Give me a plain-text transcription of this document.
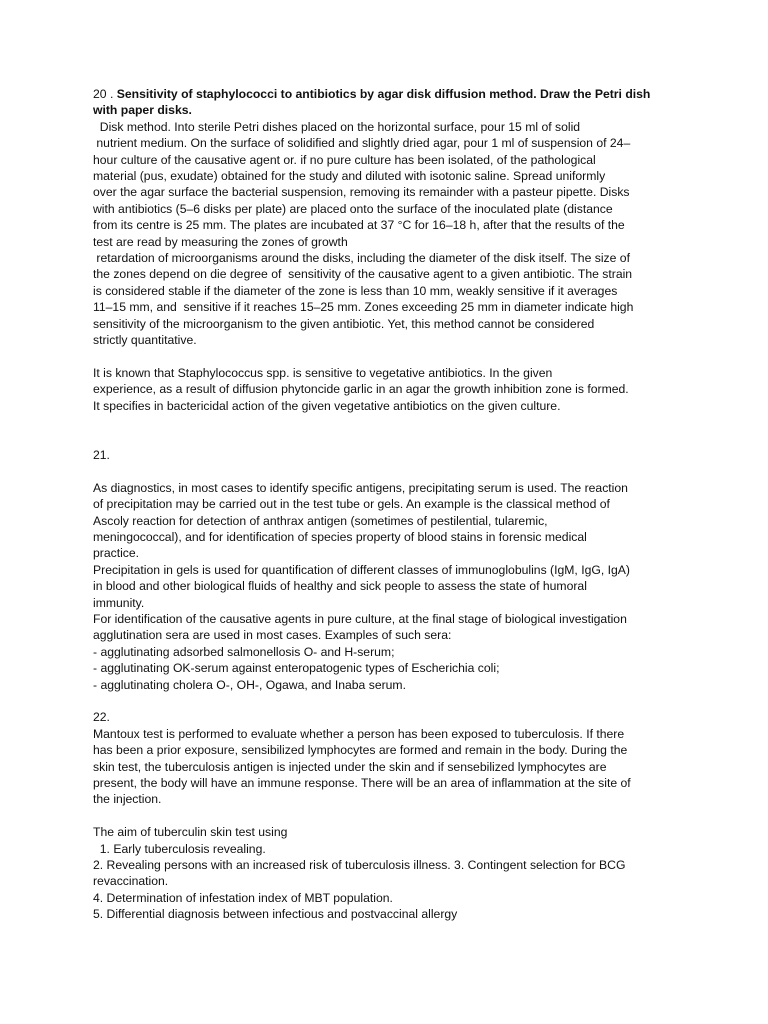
20 . Sensitivity of staphylococci to antibiotics by agar disk diffusion method. Draw the Petri dish

with paper disks.

Disk method. Into sterile Petri dishes placed on the horizontal surface, pour 15 ml of solid

nutrient medium. On the surface of solidified and slightly dried agar, pour 1 ml of suspension of 24–

hour culture of the causative agent or. if no pure culture has been isolated, of the pathological

material (pus, exudate) obtained for the study and diluted with isotonic saline. Spread uniformly

over the agar surface the bacterial suspension, removing its remainder with a pasteur pipette. Disks

with antibiotics (5–6 disks per plate) are placed onto the surface of the inoculated plate (distance

from its centre is 25 mm. The plates are incubated at 37 °C for 16–18 h, after that the results of the

test are read by measuring the zones of growth

retardation of microorganisms around the disks, including the diameter of the disk itself. The size of

the zones depend on die degree of  sensitivity of the causative agent to a given antibiotic. The strain

is considered stable if the diameter of the zone is less than 10 mm, weakly sensitive if it averages

11–15 mm, and  sensitive if it reaches 15–25 mm. Zones exceeding 25 mm in diameter indicate high

sensitivity of the microorganism to the given antibiotic. Yet, this method cannot be considered

strictly quantitative.

It is known that Staphylococcus spp. is sensitive to vegetative antibiotics. In the given

experience, as a result of diffusion phytoncide garlic in an agar the growth inhibition zone is formed.

It specifies in bactericidal action of the given vegetative antibiotics on the given culture.

21.

As diagnostics, in most cases to identify specific antigens, precipitating serum is used. The reaction

of precipitation may be carried out in the test tube or gels. An example is the classical method of

Ascoly reaction for detection of anthrax antigen (sometimes of pestilential, tularemic,

meningococcal), and for identification of species property of blood stains in forensic medical

practice.

Precipitation in gels is used for quantification of different classes of immunoglobulins (IgM, IgG, IgA)

in blood and other biological fluids of healthy and sick people to assess the state of humoral

immunity.

For identification of the causative agents in pure culture, at the final stage of biological investigation

agglutination sera are used in most cases. Examples of such sera:

- agglutinating adsorbed salmonellosis O- and H-serum;

- agglutinating OK-serum against enteropatogenic types of Escherichia coli;

- agglutinating cholera O-, OH-, Ogawa, and Inaba serum.

22.

Mantoux test is performed to evaluate whether a person has been exposed to tuberculosis. If there

has been a prior exposure, sensibilized lymphocytes are formed and remain in the body. During the

skin test, the tuberculosis antigen is injected under the skin and if sensebilized lymphocytes are

present, the body will have an immune response. There will be an area of inflammation at the site of

the injection.

The aim of tuberculin skin test using

1. Early tuberculosis revealing.

2. Revealing persons with an increased risk of tuberculosis illness. 3. Contingent selection for BCG

revaccination.

4. Determination of infestation index of MBT population.

5. Differential diagnosis between infectious and postvaccinal allergy
